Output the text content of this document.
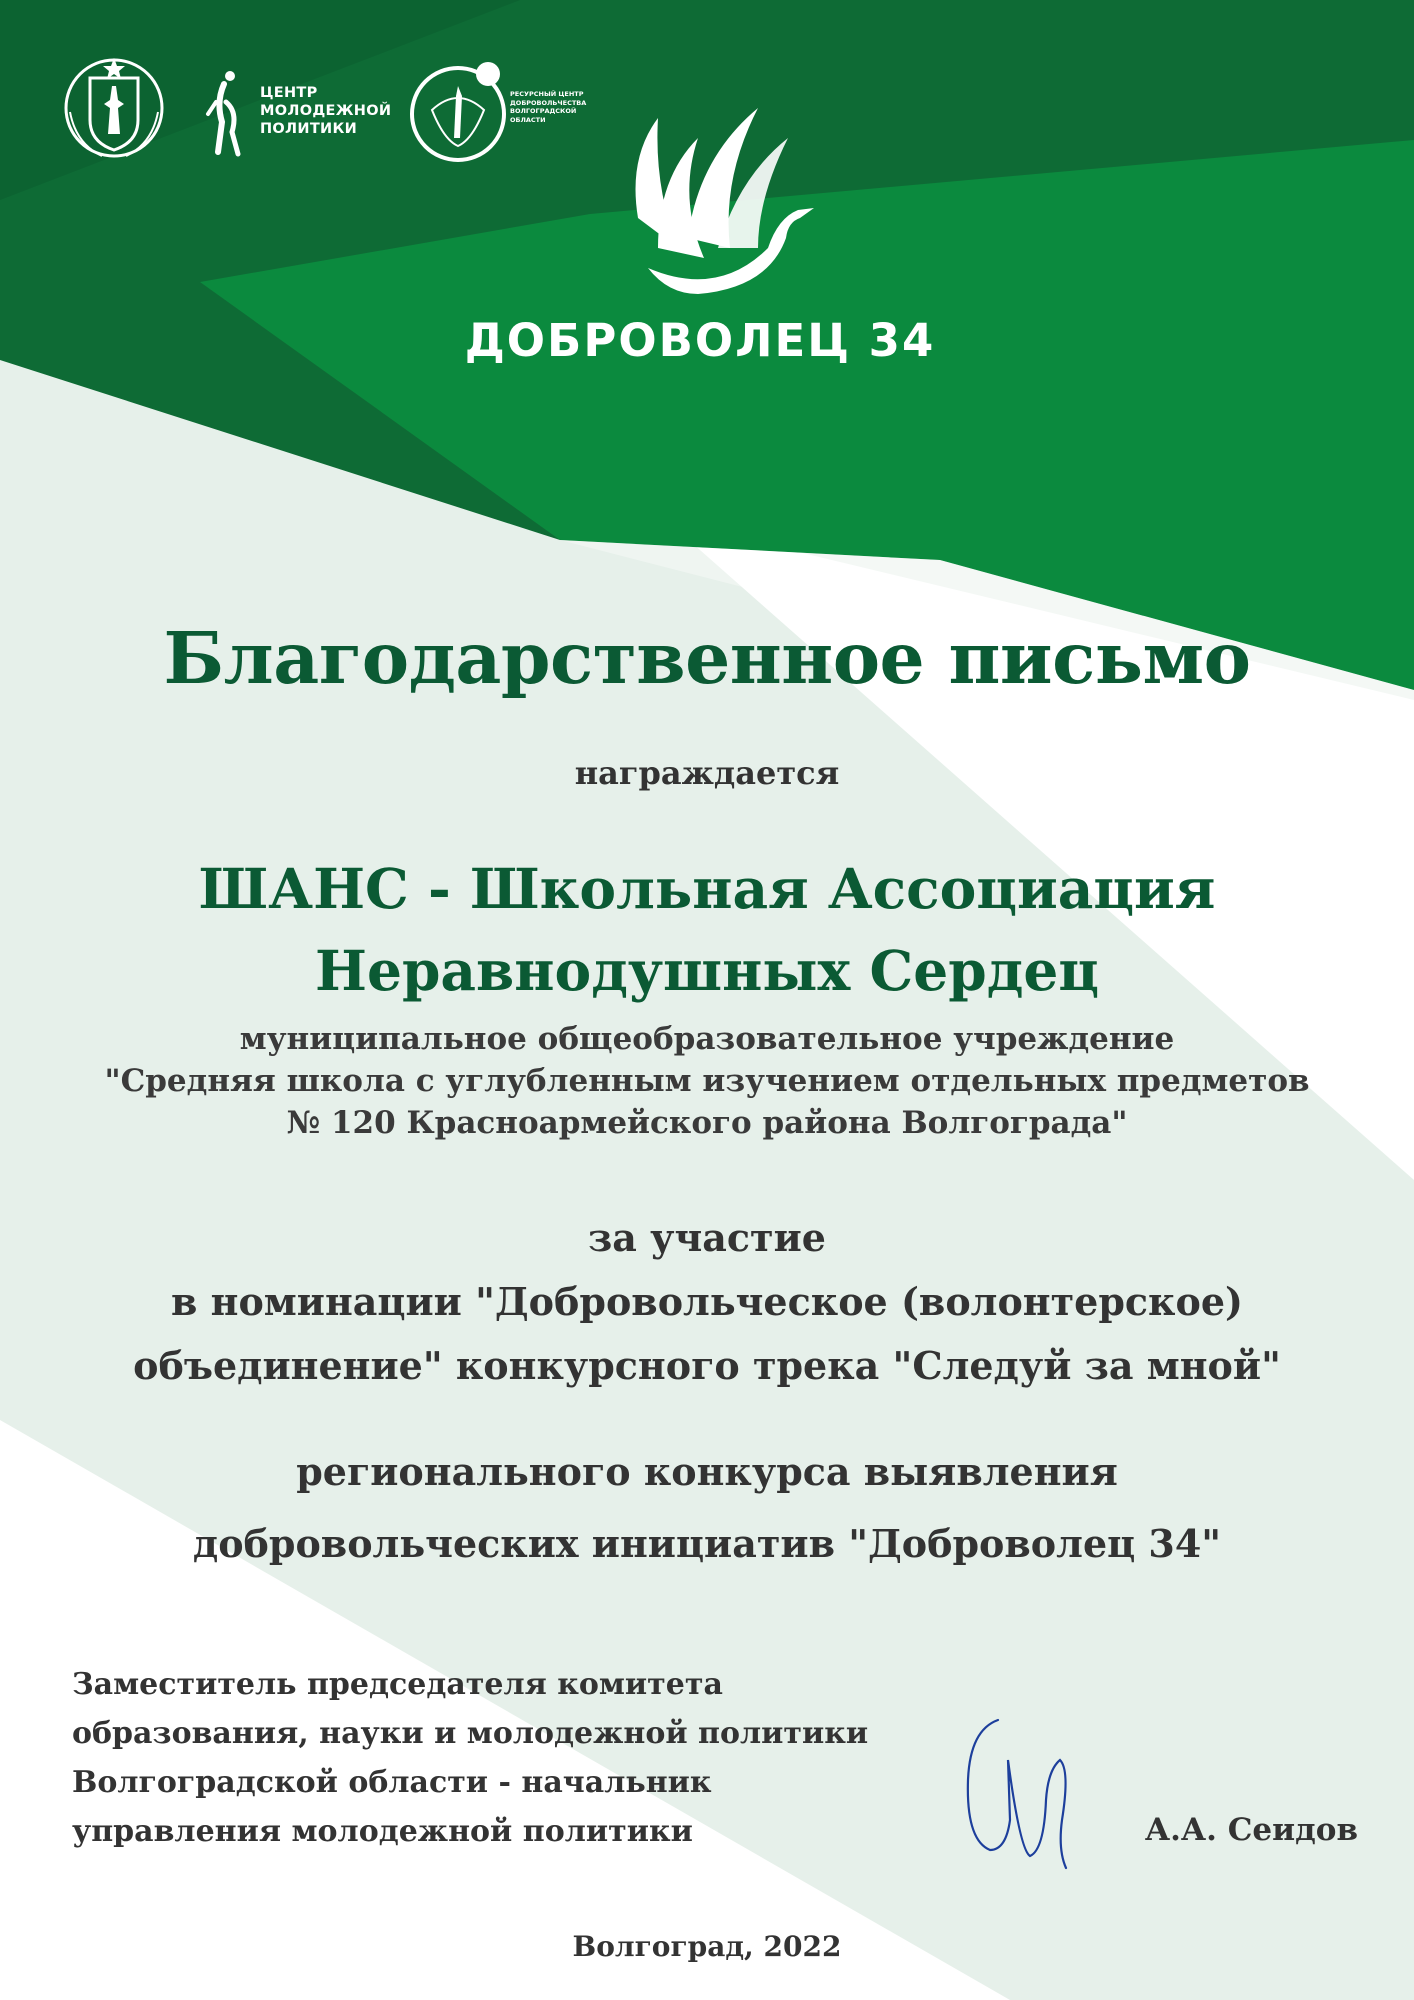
ЦЕНТР
МОЛОДЕЖНОЙ
ПОЛИТИКИ
РЕСУРСНЫЙ ЦЕНТР
ДОБРОВОЛЬЧЕСТВА
ВОЛГОГРАДСКОЙ
ОБЛАСТИ
ДОБРОВОЛЕЦ 34
Благодарственное письмо
награждается
ШАНС - Школьная Ассоциация
Неравнодушных Сердец
муниципальное общеобразовательное учреждение
"Средняя школа с углубленным изучением отдельных предметов
№ 120 Красноармейского района Волгограда"
за участие
в номинации "Добровольческое (волонтерское)
объединение" конкурсного трека "Следуй за мной"
регионального конкурса выявления
добровольческих инициатив "Доброволец 34"
Заместитель председателя комитета
образования, науки и молодежной политики
Волгоградской области - начальник
управления молодежной политики	А.А. Сеидов
Волгоград, 2022
